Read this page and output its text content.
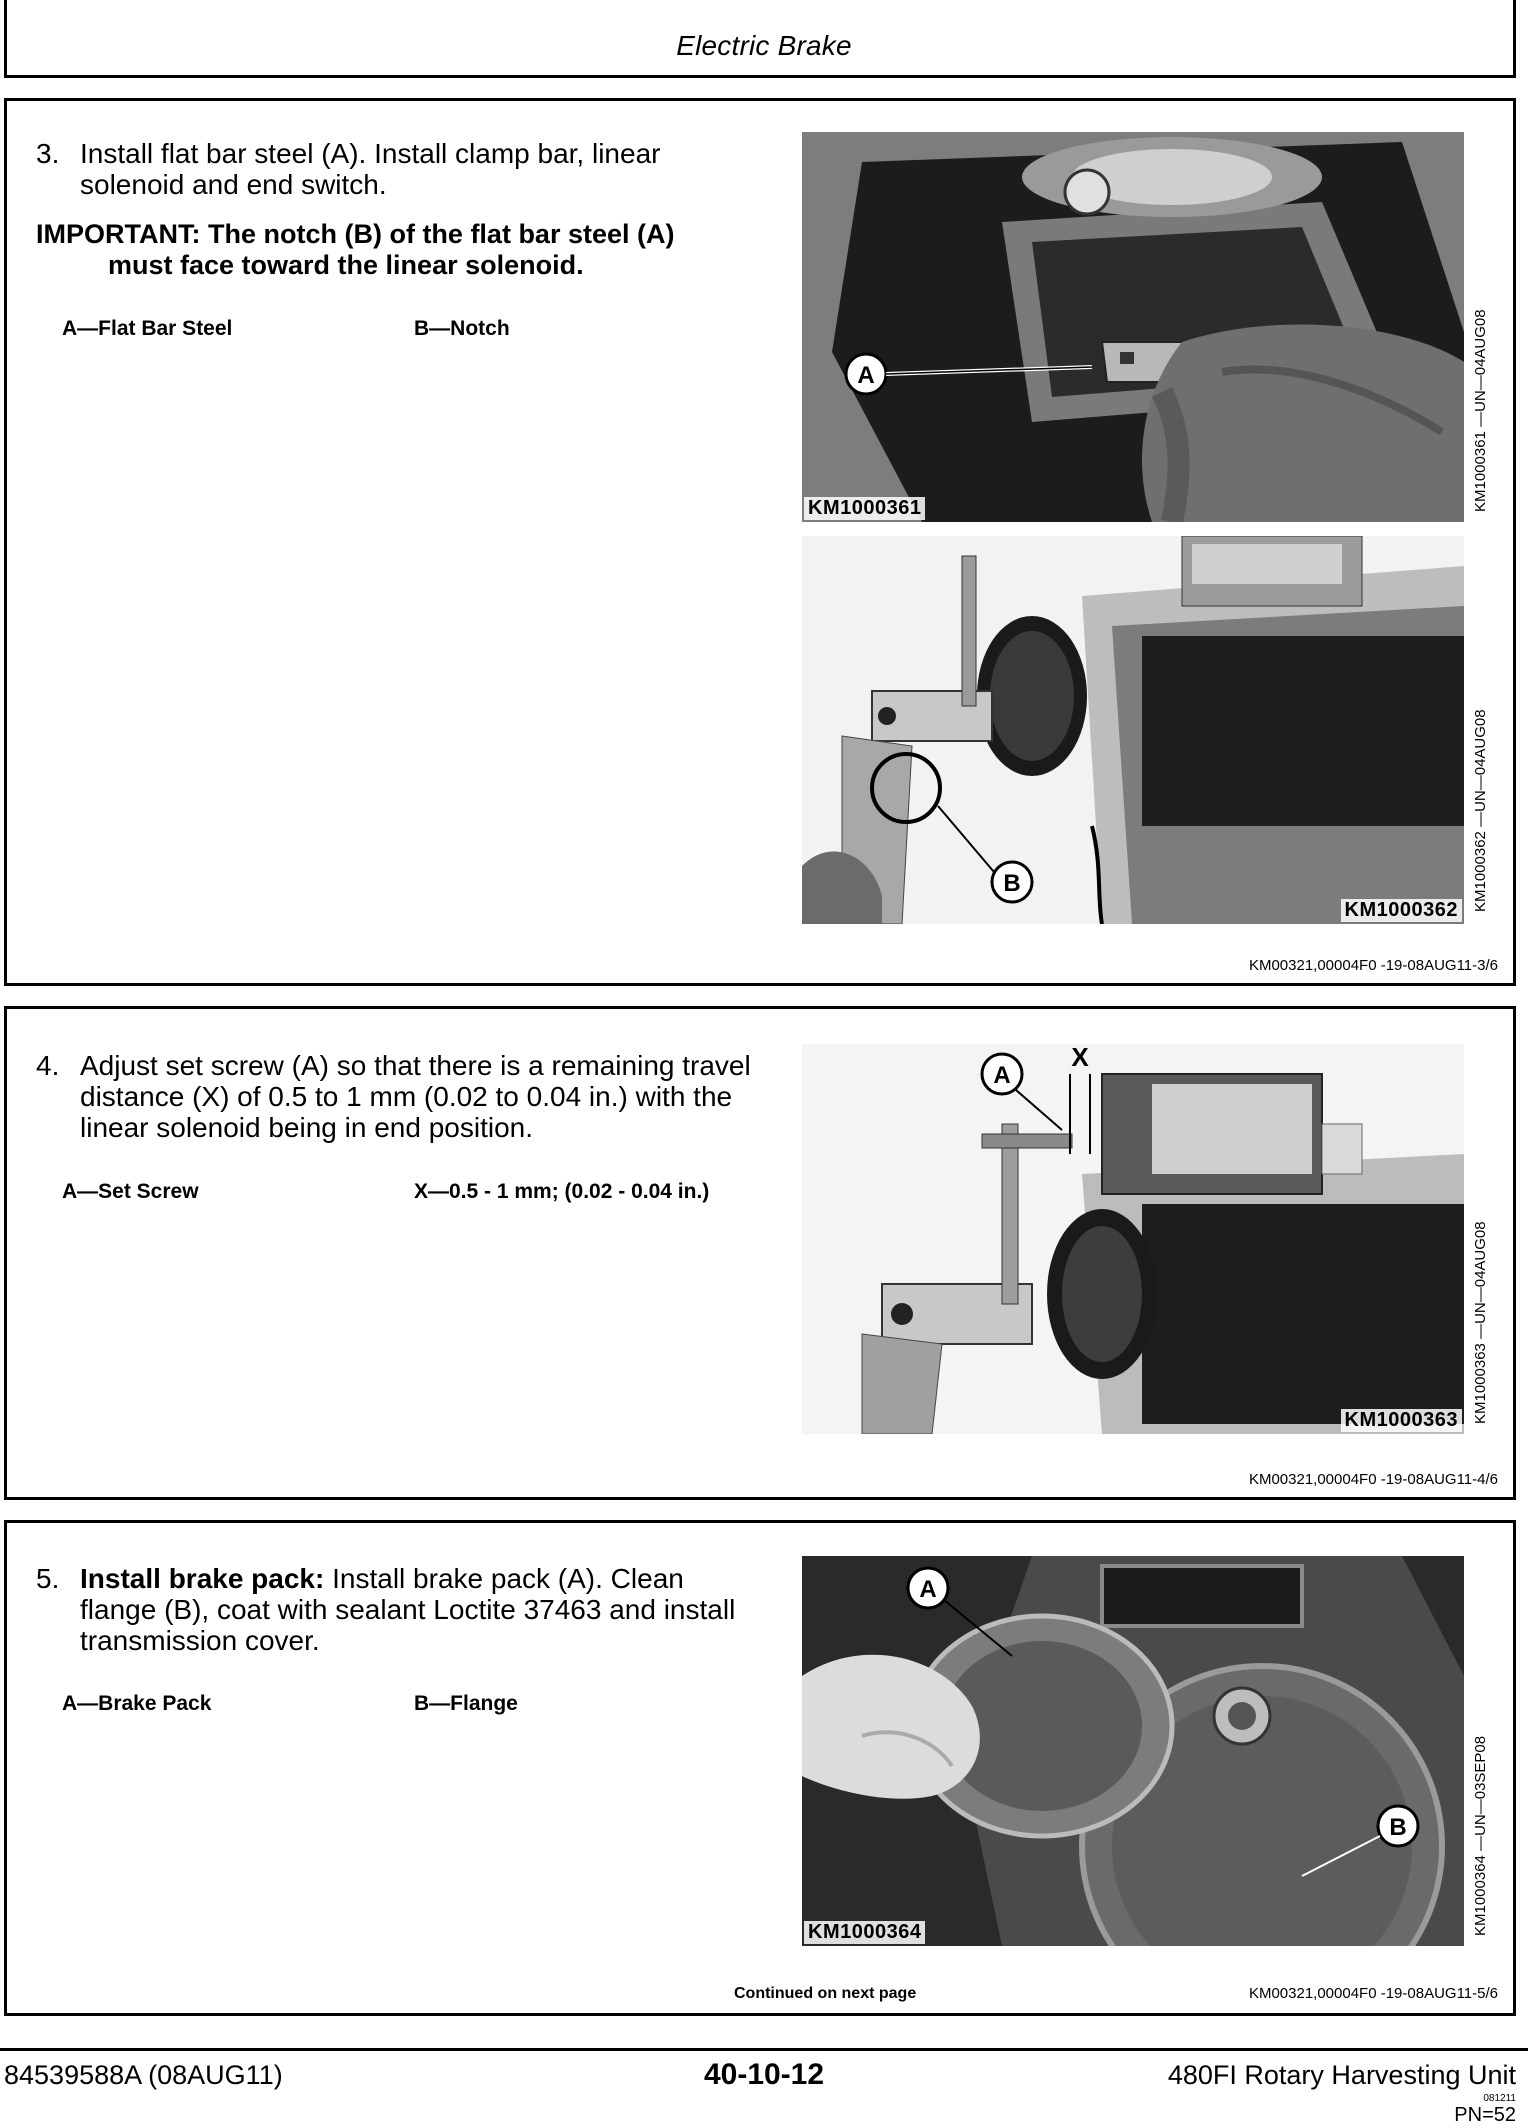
Electric Brake
3. Install flat bar steel (A). Install clamp bar, linear
solenoid and end switch.
IMPORTANT: The notch (B) of the flat bar steel (A)
must face toward the linear solenoid.
A—Flat Bar Steel	B—Notch
A
KM1000361	KM1000361 —UN—04AUG08
B
KM1000362 KM1000362 —UN—04AUG08
KM00321,00004F0 -19-08AUG11-3/6
4. Adjust set screw (A) so that there is a remaining travel
distance (X) of 0.5 to 1 mm (0.02 to 0.04 in.) with the
linear solenoid being in end position.
A—Set Screw	X—0.5 - 1 mm; (0.02 - 0.04 in.)
A
X
KM1000363 KM1000363 —UN—04AUG08
KM00321,00004F0 -19-08AUG11-4/6
5. Install brake pack: Install brake pack (A). Clean
flange (B), coat with sealant Loctite 37463 and install
transmission cover.
A—Brake Pack	B—Flange
A
B
KM1000364	KM1000364 —UN—03SEP08
Continued on next page	KM00321,00004F0 -19-08AUG11-5/6
84539588A (08AUG11)	40-10-12	480FI Rotary Harvesting Unit
081211
PN=52
